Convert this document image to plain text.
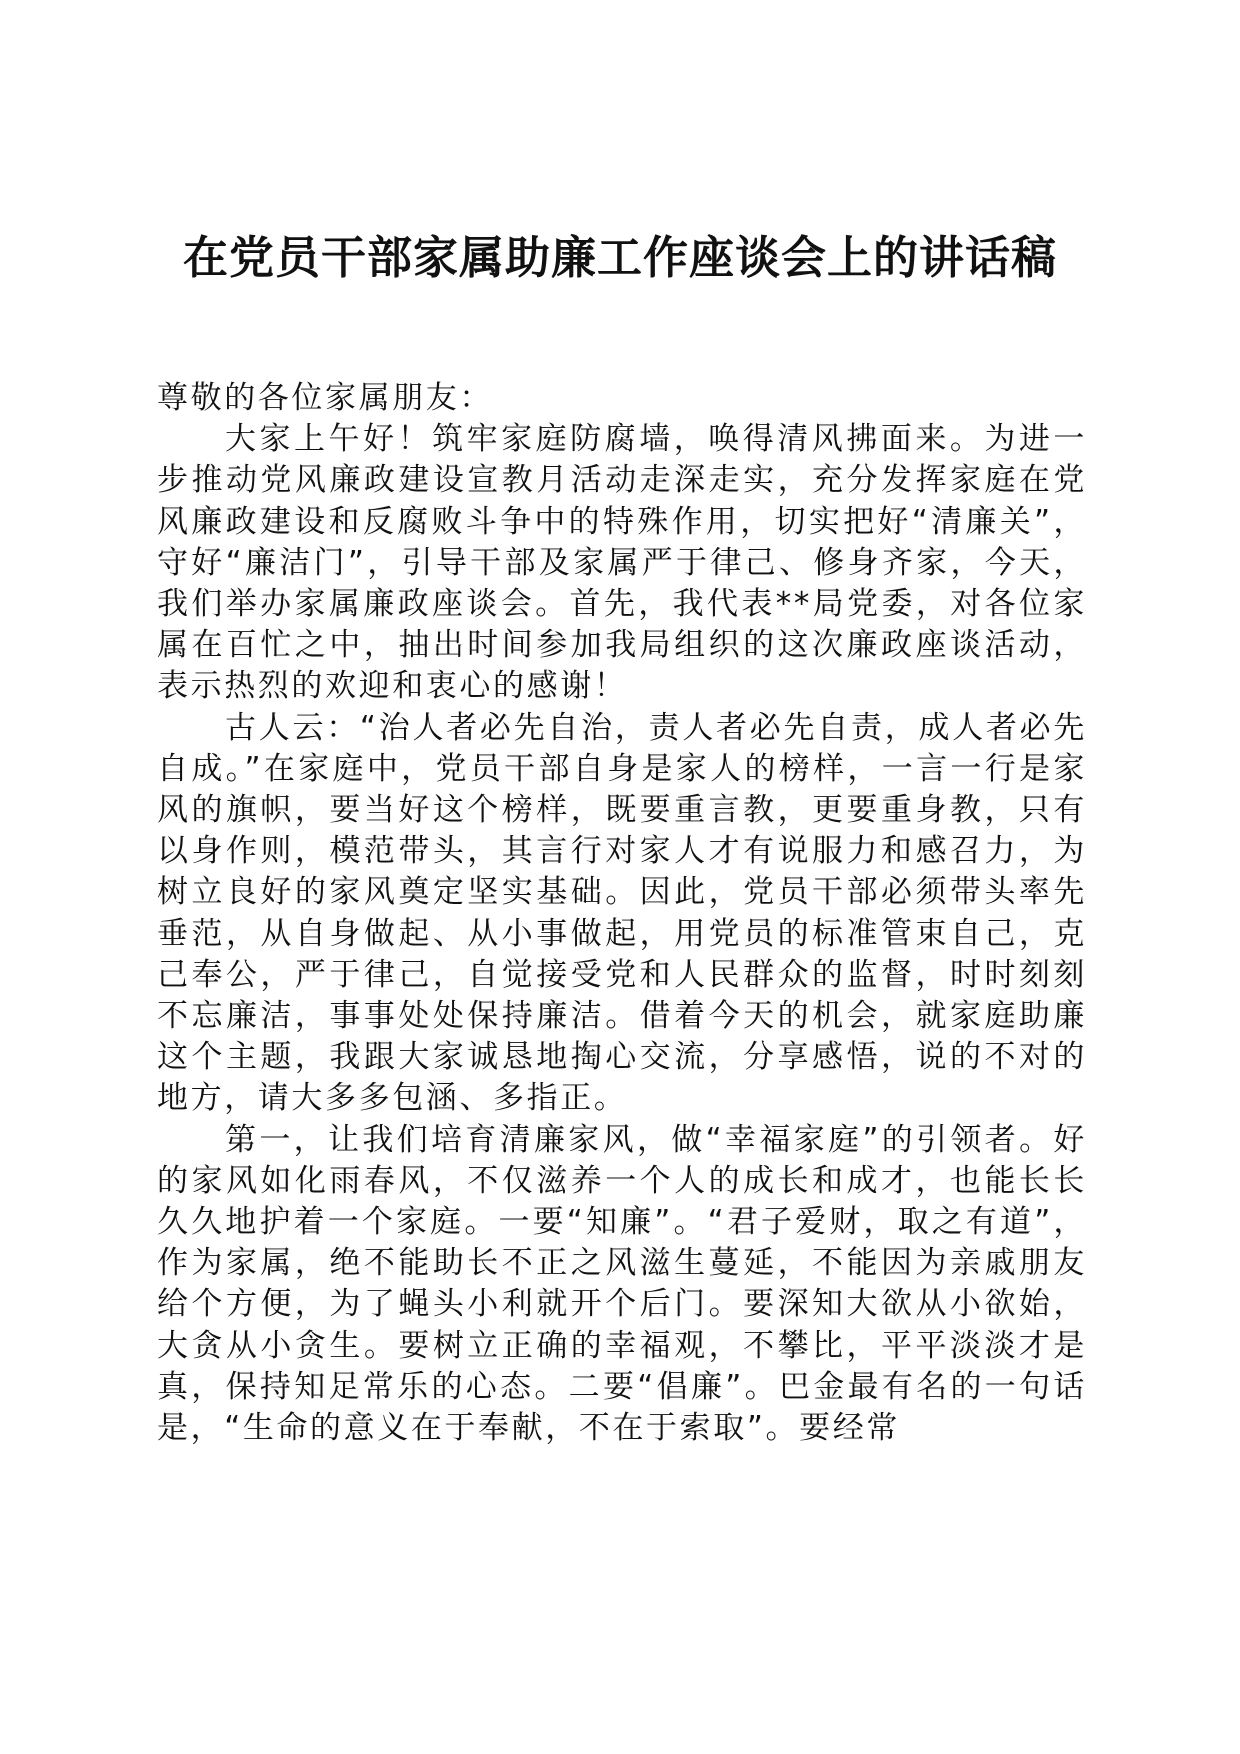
在党员干部家属助廉工作座谈会上的讲话稿

尊敬的各位家属朋友：

大家上午好！筑牢家庭防腐墙，唤得清风拂面来。为进一步推动党风廉政建设宣教月活动走深走实，充分发挥家庭在党风廉政建设和反腐败斗争中的特殊作用，切实把好“清廉关”，守好“廉洁门”，引导干部及家属严于律己、修身齐家，今天，我们举办家属廉政座谈会。首先，我代表**局党委，对各位家属在百忙之中，抽出时间参加我局组织的这次廉政座谈活动，表示热烈的欢迎和衷心的感谢！

古人云：“治人者必先自治，责人者必先自责，成人者必先自成。”在家庭中，党员干部自身是家人的榜样，一言一行是家风的旗帜，要当好这个榜样，既要重言教，更要重身教，只有以身作则，模范带头，其言行对家人才有说服力和感召力，为树立良好的家风奠定坚实基础。因此，党员干部必须带头率先垂范，从自身做起、从小事做起，用党员的标准管束自己，克己奉公，严于律己，自觉接受党和人民群众的监督，时时刻刻不忘廉洁，事事处处保持廉洁。借着今天的机会，就家庭助廉这个主题，我跟大家诚恳地掏心交流，分享感悟，说的不对的地方，请大多多包涵、多指正。

第一，让我们培育清廉家风，做“幸福家庭”的引领者。好的家风如化雨春风，不仅滋养一个人的成长和成才，也能长长久久地护着一个家庭。一要“知廉”。“君子爱财，取之有道”，作为家属，绝不能助长不正之风滋生蔓延，不能因为亲戚朋友给个方便，为了蝇头小利就开个后门。要深知大欲从小欲始，大贪从小贪生。要树立正确的幸福观，不攀比，平平淡淡才是真，保持知足常乐的心态。二要“倡廉”。巴金最有名的一句话是，“生命的意义在于奉献，不在于索取”。要经常
